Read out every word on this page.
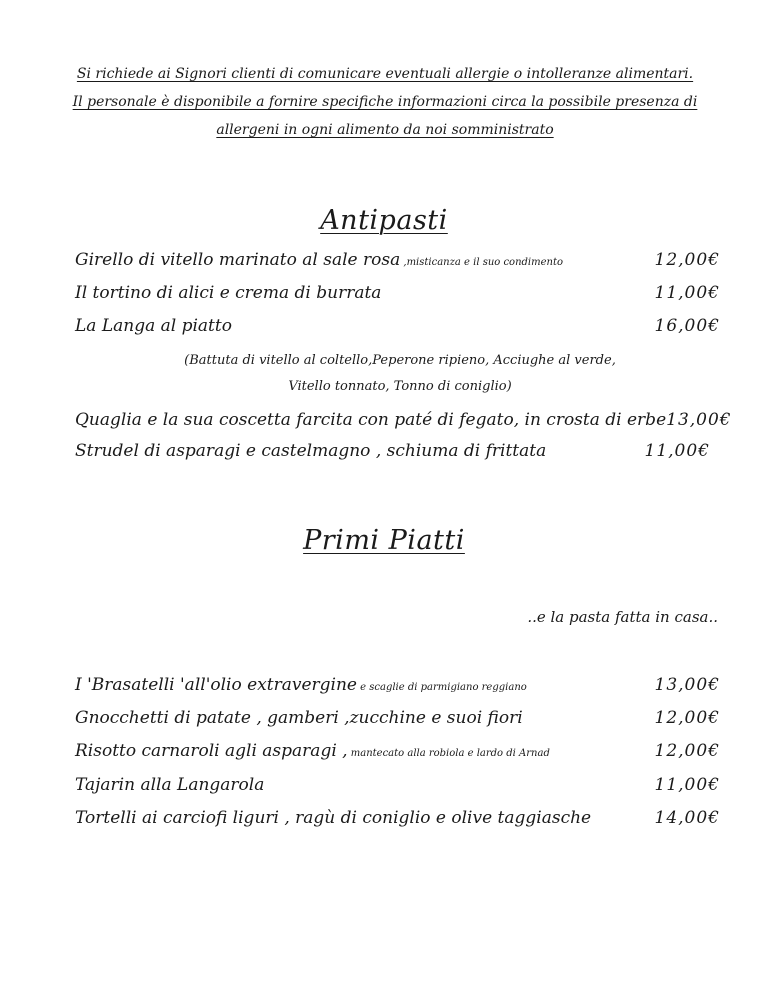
Si richiede ai Signori clienti di comunicare eventuali allergie o intolleranze alimentari.
Il personale è disponibile a fornire specifiche informazioni circa la possibile presenza di
allergeni in ogni alimento da noi somministrato
Antipasti
Girello di vitello marinato al sale rosa ,misticanza e il suo condimento	12,00€
Il tortino di alici e crema di burrata	11,00€
La Langa al piatto	16,00€
(Battuta di vitello al coltello,Peperone ripieno, Acciughe al verde,
Vitello tonnato, Tonno di coniglio)
Quaglia e la sua coscetta farcita con paté di fegato, in crosta di erbe 13,00€
Strudel di asparagi e castelmagno , schiuma di frittata	11,00€
Primi Piatti
..e la pasta fatta in casa..
I 'Brasatelli 'all'olio extravergine e scaglie di parmigiano reggiano	13,00€
Gnocchetti di patate , gamberi ,zucchine e suoi fiori	12,00€
Risotto carnaroli agli asparagi , mantecato alla robiola e lardo di Arnad	12,00€
Tajarin alla Langarola	11,00€
Tortelli ai carciofi liguri , ragù di coniglio e olive taggiasche	14,00€
